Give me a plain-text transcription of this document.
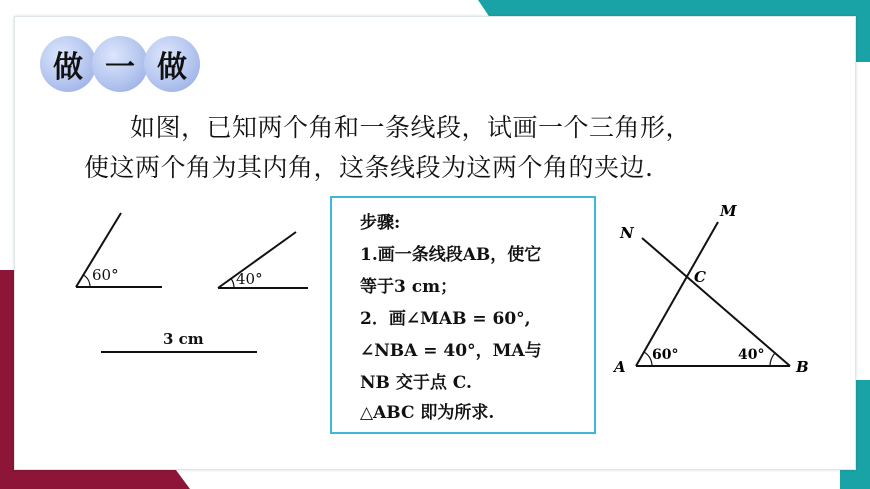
做 一 做
如图，已知两个角和一条线段，试画一个三角形，
使这两个角为其内角，这条线段为这两个角的夹边.
60°	40°
3 cm
步骤:
1.画一条线段AB，使它
等于3 cm；
2．画∠MAB = 60°,
∠NBA = 40°，MA与
NB 交于点 C.
△ABC 即为所求.
A	B
C
M
N
60°	40°
